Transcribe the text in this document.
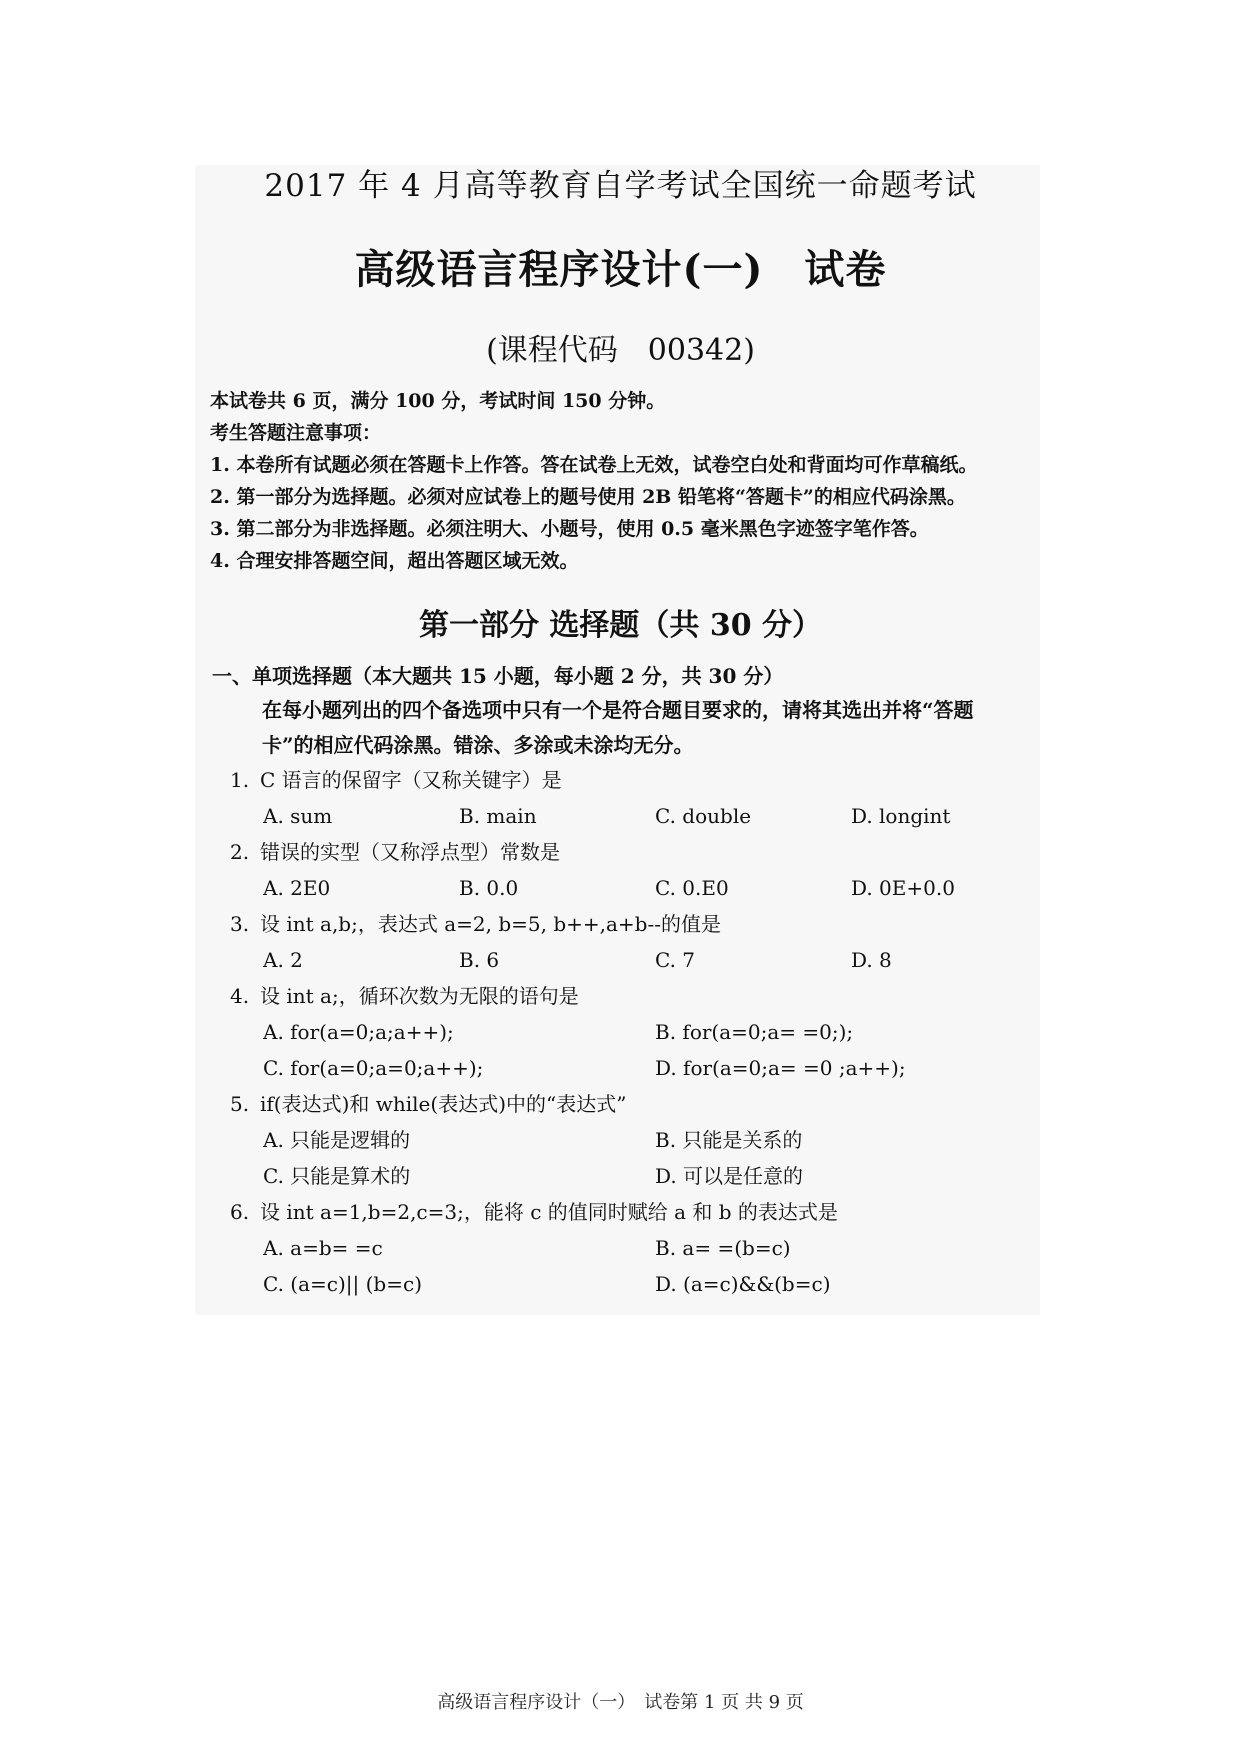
2017 年 4 月高等教育自学考试全国统一命题考试
高级语言程序设计(一)　试卷
(课程代码　00342)
本试卷共 6 页，满分 100 分，考试时间 150 分钟。
考生答题注意事项：
1. 本卷所有试题必须在答题卡上作答。答在试卷上无效，试卷空白处和背面均可作草稿纸。
2. 第一部分为选择题。必须对应试卷上的题号使用 2B 铅笔将“答题卡”的相应代码涂黑。
3. 第二部分为非选择题。必须注明大、小题号，使用 0.5 毫米黑色字迹签字笔作答。
4. 合理安排答题空间，超出答题区域无效。
第一部分 选择题（共 30 分）
一、单项选择题（本大题共 15 小题，每小题 2 分，共 30 分）
在每小题列出的四个备选项中只有一个是符合题目要求的，请将其选出并将“答题
卡”的相应代码涂黑。错涂、多涂或未涂均无分。
1. C 语言的保留字（又称关键字）是
A. sum	B. main	C. double	D. longint
2. 错误的实型（又称浮点型）常数是
A. 2E0	B. 0.0	C. 0.E0	D. 0E+0.0
3. 设 int a,b;，表达式 a=2, b=5, b++,a+b--的值是
A. 2	B. 6	C. 7	D. 8
4. 设 int a;，循环次数为无限的语句是
A. for(a=0;a;a++);	B. for(a=0;a= =0;);
C. for(a=0;a=0;a++);	D. for(a=0;a= =0 ;a++);
5. if(表达式)和 while(表达式)中的“表达式”
A. 只能是逻辑的	B. 只能是关系的
C. 只能是算术的	D. 可以是任意的
6. 设 int a=1,b=2,c=3;，能将 c 的值同时赋给 a 和 b 的表达式是
A. a=b= =c	B. a= =(b=c)
C. (a=c)|| (b=c)	D. (a=c)&&(b=c)
高级语言程序设计（一）　试卷第 1 页 共 9 页
